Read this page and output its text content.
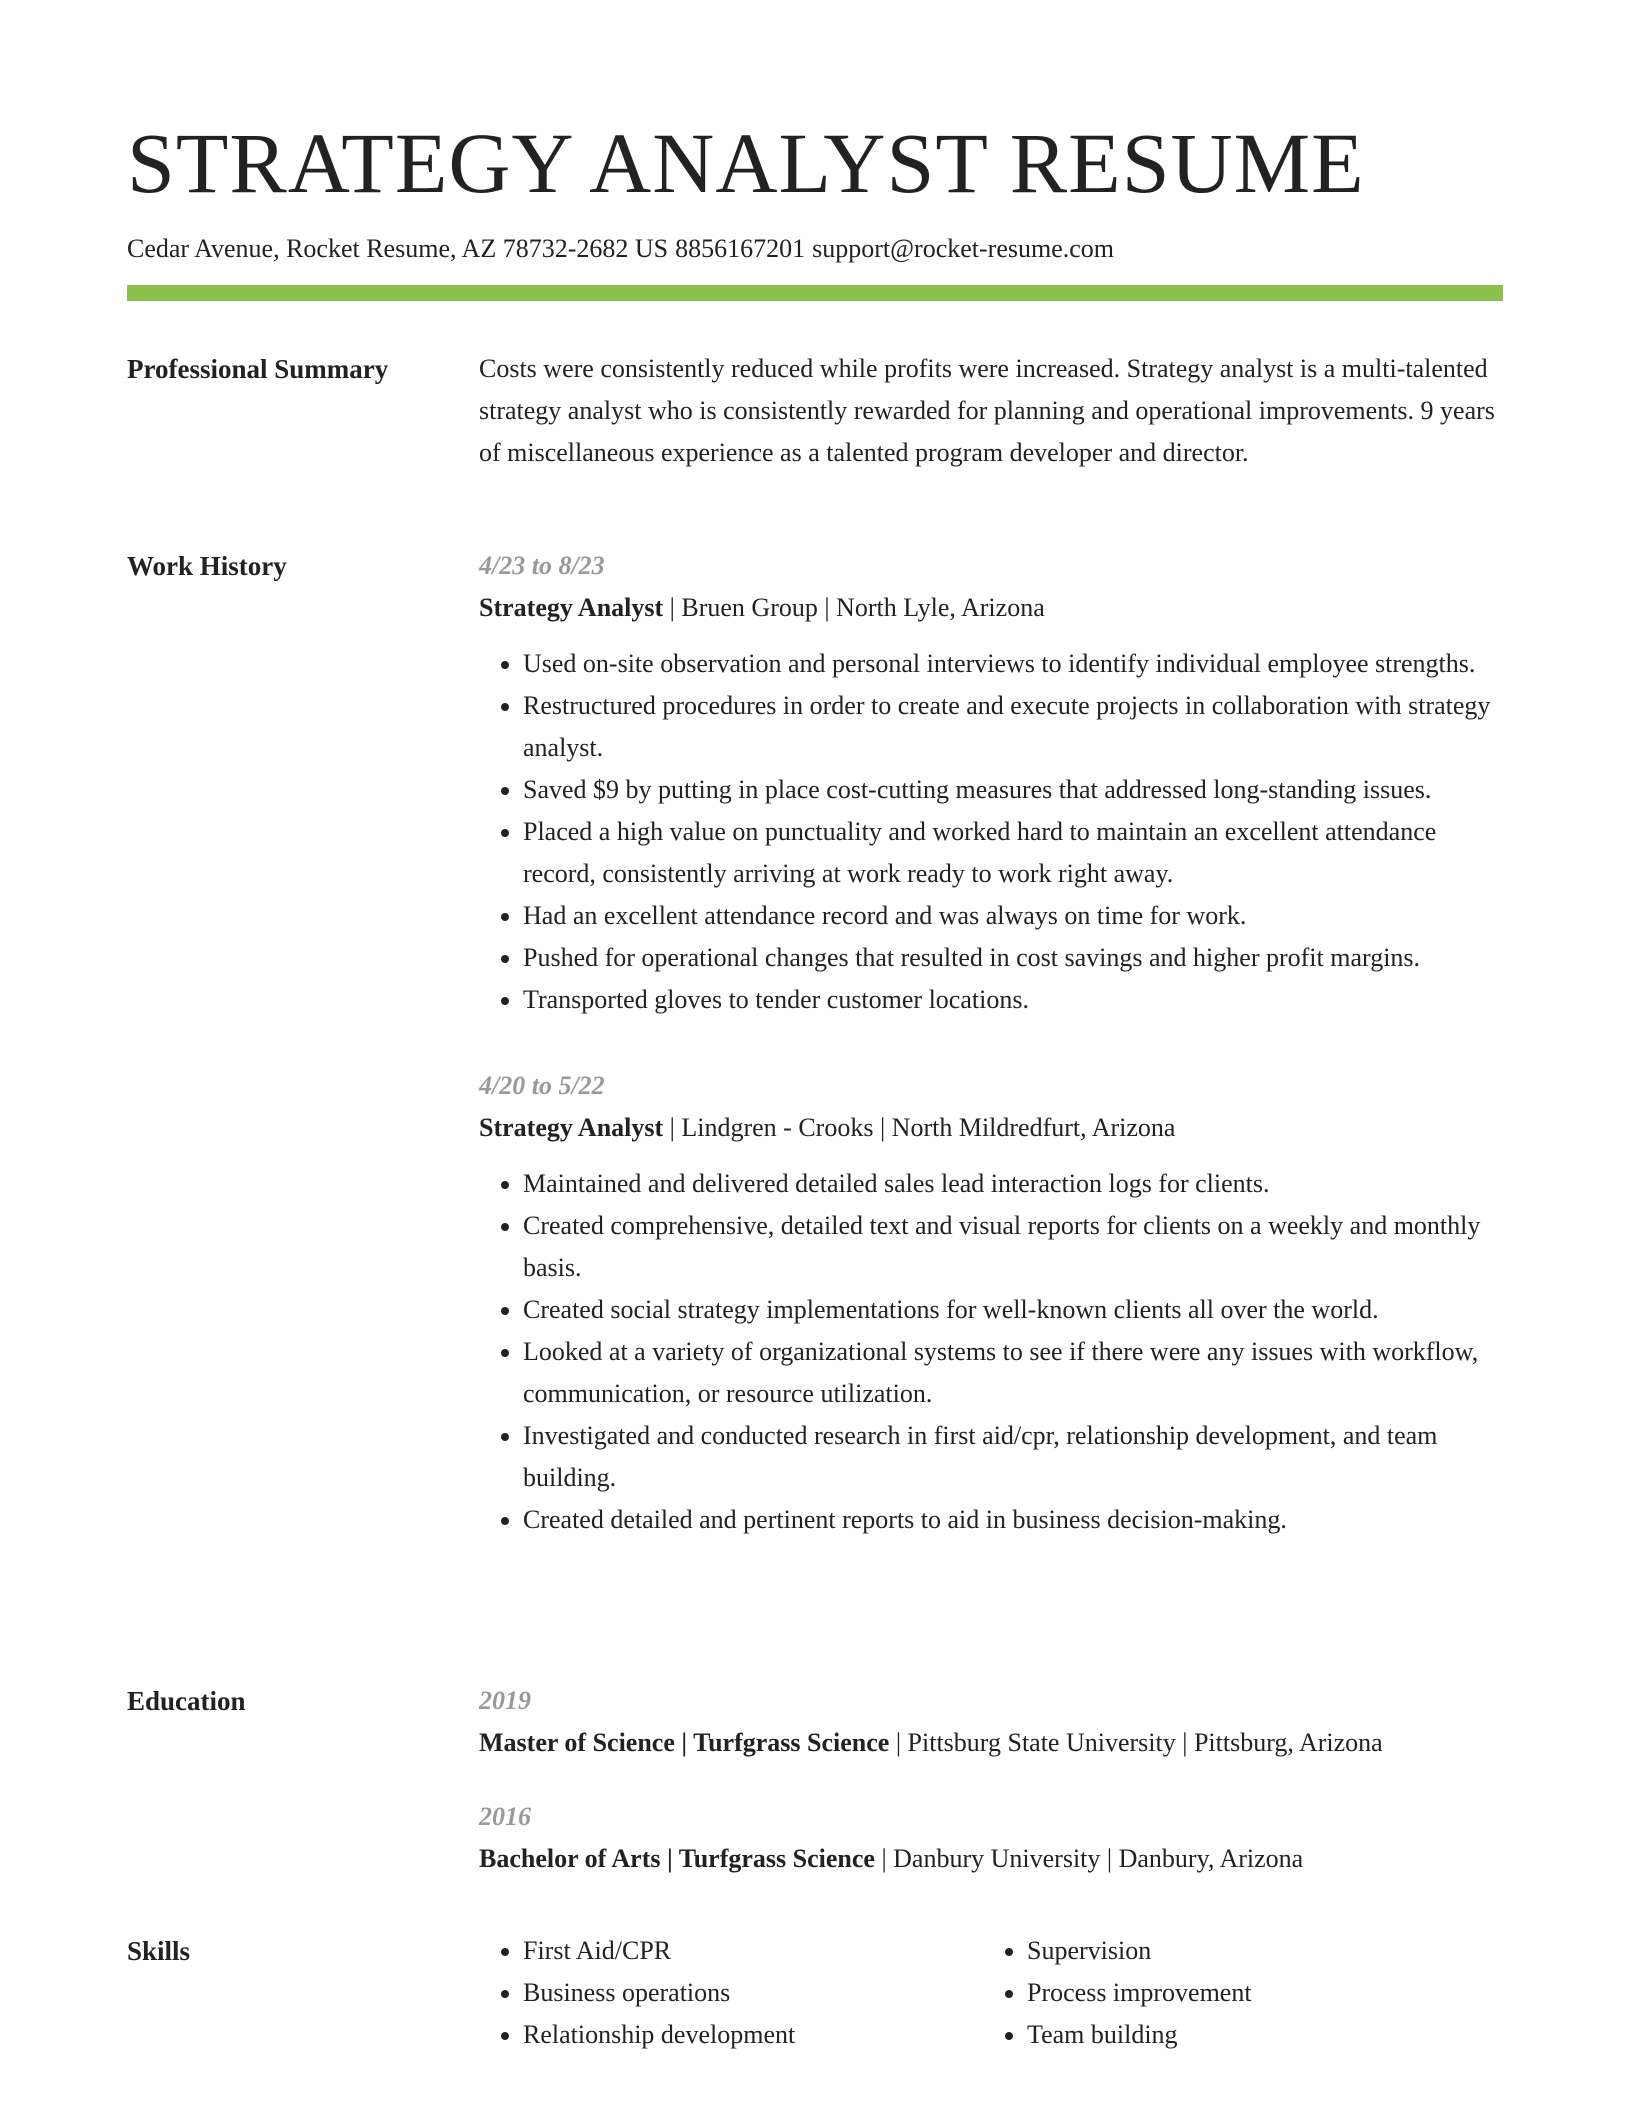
STRATEGY ANALYST RESUME
Cedar Avenue, Rocket Resume, AZ 78732-2682 US 8856167201 support@rocket-resume.com
Professional Summary	Costs were consistently reduced while profits were increased. Strategy analyst is a multi-talented strategy analyst who is consistently rewarded for planning and operational improvements. 9 years of miscellaneous experience as a talented program developer and director.

Work History	4/23 to 8/23
Strategy Analyst | Bruen Group | North Lyle, Arizona
• Used on-site observation and personal interviews to identify individual employee strengths.
• Restructured procedures in order to create and execute projects in collaboration with strategy analyst.
• Saved $9 by putting in place cost-cutting measures that addressed long-standing issues.
• Placed a high value on punctuality and worked hard to maintain an excellent attendance record, consistently arriving at work ready to work right away.
• Had an excellent attendance record and was always on time for work.
• Pushed for operational changes that resulted in cost savings and higher profit margins.
• Transported gloves to tender customer locations.
4/20 to 5/22
Strategy Analyst | Lindgren - Crooks | North Mildredfurt, Arizona
• Maintained and delivered detailed sales lead interaction logs for clients.
• Created comprehensive, detailed text and visual reports for clients on a weekly and monthly basis.
• Created social strategy implementations for well-known clients all over the world.
• Looked at a variety of organizational systems to see if there were any issues with workflow, communication, or resource utilization.
• Investigated and conducted research in first aid/cpr, relationship development, and team building.
• Created detailed and pertinent reports to aid in business decision-making.
Education	2019
Master of Science | Turfgrass Science | Pittsburg State University | Pittsburg, Arizona
2016
Bachelor of Arts | Turfgrass Science | Danbury University | Danbury, Arizona
Skills
•	First Aid/CPR
• Business operations
• Relationship development
• Supervision
• Process improvement
• Team building
